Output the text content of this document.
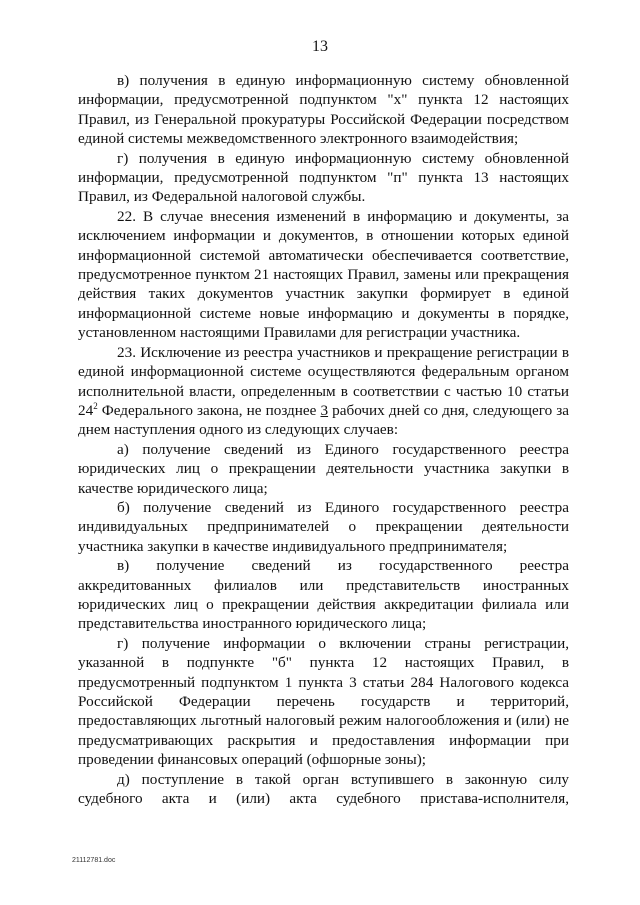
13

в) получения в единую информационную систему обновленной информации, предусмотренной подпунктом "х" пункта 12 настоящих Правил, из Генеральной прокуратуры Российской Федерации посредством единой системы межведомственного электронного взаимодействия;

г) получения в единую информационную систему обновленной информации, предусмотренной подпунктом "п" пункта 13 настоящих Правил, из Федеральной налоговой службы.

22. В случае внесения изменений в информацию и документы, за исключением информации и документов, в отношении которых единой информационной системой автоматически обеспечивается соответствие, предусмотренное пунктом 21 настоящих Правил, замены или прекращения действия таких документов участник закупки формирует в единой информационной системе новые информацию и документы в порядке, установленном настоящими Правилами для регистрации участника.

23. Исключение из реестра участников и прекращение регистрации в единой информационной системе осуществляются федеральным органом исполнительной власти, определенным в соответствии с частью 10 статьи $24^2$ Федерального закона, не позднее 3 рабочих дней со дня, следующего за днем наступления одного из следующих случаев:

а) получение сведений из Единого государственного реестра юридических лиц о прекращении деятельности участника закупки в качестве юридического лица;

б) получение сведений из Единого государственного реестра индивидуальных предпринимателей о прекращении деятельности участника закупки в качестве индивидуального предпринимателя;

в) получение сведений из государственного реестра аккредитованных филиалов или представительств иностранных юридических лиц о прекращении действия аккредитации филиала или представительства иностранного юридического лица;

г) получение информации о включении страны регистрации, указанной в подпункте "б" пункта 12 настоящих Правил, в предусмотренный подпунктом 1 пункта 3 статьи 284 Налогового кодекса Российской Федерации перечень государств и территорий, предоставляющих льготный налоговый режим налогообложения и (или) не предусматривающих раскрытия и предоставления информации при проведении финансовых операций (офшорные зоны);

д) поступление в такой орган вступившего в законную силу судебного акта и (или) акта судебного пристава-исполнителя,

21112781.doc
